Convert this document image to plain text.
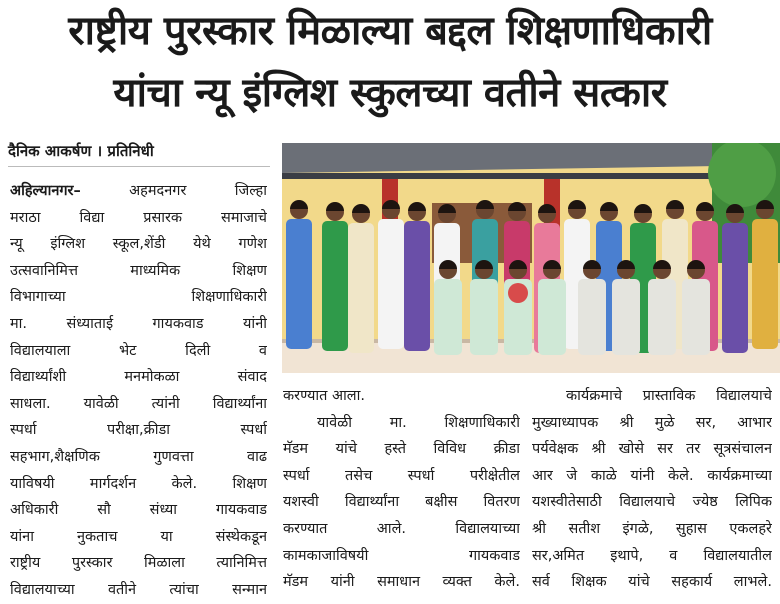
राष्ट्रीय पुरस्कार मिळाल्या बद्दल शिक्षणाधिकारी
यांचा न्यू इंग्लिश स्कुलच्या वतीने सत्कार
दैनिक आकर्षण । प्रतिनिधी
अहिल्यानगर– अहमदनगर जिल्हा
मराठा विद्या प्रसारक समाजाचे
न्यू इंग्लिश स्कूल,शेंडी येथे गणेश
उत्सवानिमित्त माध्यमिक शिक्षण
विभागाच्या शिक्षणाधिकारी
मा. संध्याताई गायकवाड यांनी
विद्यालयाला भेट दिली व
विद्यार्थ्यांशी मनमोकळा संवाद
साधला. यावेळी त्यांनी विद्यार्थ्यांना
स्पर्धा परीक्षा,क्रीडा स्पर्धा
सहभाग,शैक्षणिक गुणवत्ता वाढ
याविषयी मार्गदर्शन केले. शिक्षण
अधिकारी सौ संध्या गायकवाड
यांना नुकताच या संस्थेकडून
राष्ट्रीय पुरस्कार मिळाला त्यानिमित्त
विद्यालयाच्या वतीने त्यांचा सन्मान
करण्यात आला.
यावेळी मा. शिक्षणाधिकारी
मॅडम यांचे हस्ते विविध क्रीडा
स्पर्धा तसेच स्पर्धा परीक्षेतील
यशस्वी विद्यार्थ्यांना बक्षीस वितरण
करण्यात आले. विद्यालयाच्या
कामकाजाविषयी गायकवाड
मॅडम यांनी समाधान व्यक्त केले.
कार्यक्रमाचे प्रास्ताविक विद्यालयाचे
मुख्याध्यापक श्री मुळे सर, आभार
पर्यवेक्षक श्री खोसे सर तर सूत्रसंचालन
आर जे काळे यांनी केले. कार्यक्रमाच्या
यशस्वीतेसाठी विद्यालयाचे ज्येष्ठ लिपिक
श्री सतीश इंगळे, सुहास एकलहरे
सर,अमित इथापे, व विद्यालयातील
सर्व शिक्षक यांचे सहकार्य लाभले.
